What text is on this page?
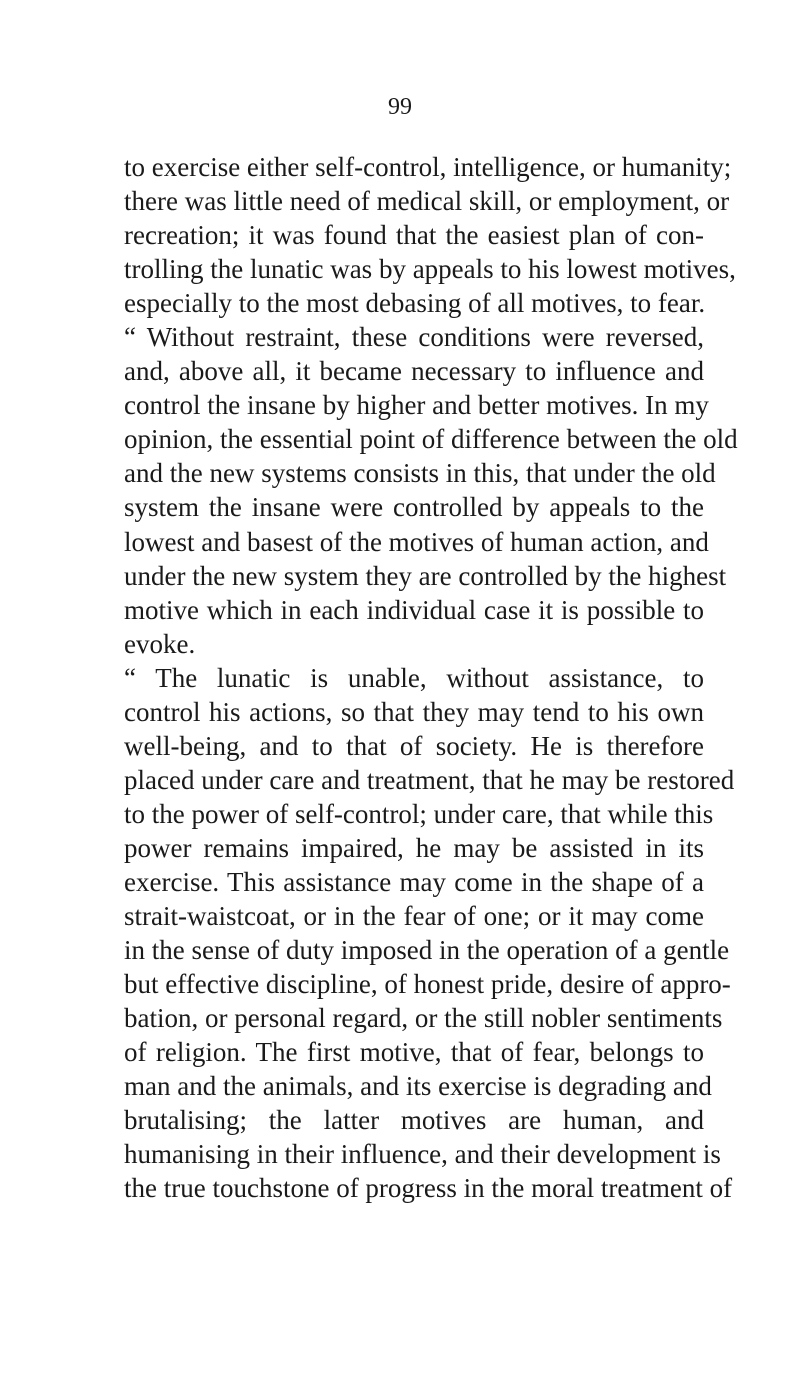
99
to exercise either self-control, intelligence, or humanity;
there was little need of medical skill, or employment, or
recreation; it was found that the easiest plan of con-
trolling the lunatic was by appeals to his lowest motives,
especially to the most debasing of all motives, to fear.
“ Without restraint, these conditions were reversed,
and, above all, it became necessary to influence and
control the insane by higher and better motives. In my
opinion, the essential point of difference between the old
and the new systems consists in this, that under the old
system the insane were controlled by appeals to the
lowest and basest of the motives of human action, and
under the new system they are controlled by the highest
motive which in each individual case it is possible to
evoke.
“ The lunatic is unable, without assistance, to
control his actions, so that they may tend to his own
well-being, and to that of society. He is therefore
placed under care and treatment, that he may be restored
to the power of self-control; under care, that while this
power remains impaired, he may be assisted in its
exercise. This assistance may come in the shape of a
strait-waistcoat, or in the fear of one; or it may come
in the sense of duty imposed in the operation of a gentle
but effective discipline, of honest pride, desire of appro-
bation, or personal regard, or the still nobler sentiments
of religion. The first motive, that of fear, belongs to
man and the animals, and its exercise is degrading and
brutalising; the latter motives are human, and
humanising in their influence, and their development is
the true touchstone of progress in the moral treatment of
